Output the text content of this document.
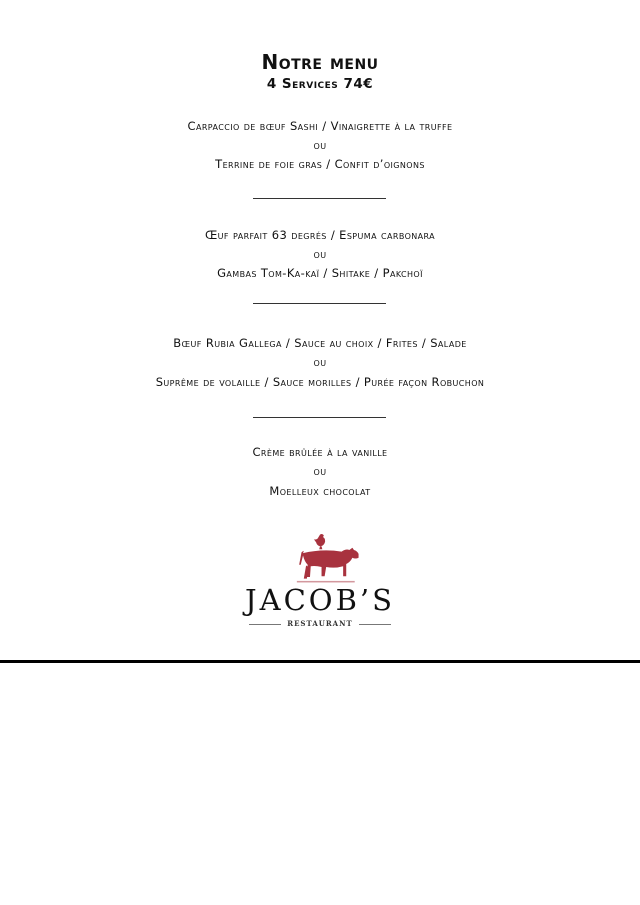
Notre menu
4 Services 74€
Carpaccio de bœuf Sashi / Vinaigrette à la truffe
ou
Terrine de foie gras / Confit d’oignons
Œuf parfait 63 degrés / Espuma carbonara
ou
Gambas Tom-Ka-kaï / Shitake / Pakchoï
Bœuf Rubia Gallega / Sauce au choix / Frites / Salade
ou
Suprême de volaille / Sauce morilles / Purée façon Robuchon
Crème brûlée à la vanille
ou
Moelleux chocolat
JACOB’S
RESTAURANT
